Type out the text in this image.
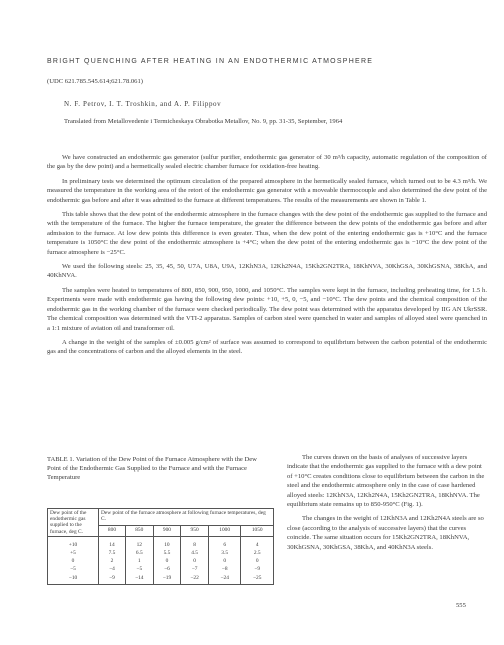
BRIGHT QUENCHING AFTER HEATING IN AN ENDOTHERMIC ATMOSPHERE
(UDC 621.785.545.614;621.78.061)
N. F. Petrov, I. T. Troshkin, and A. P. Filippov
Translated from Metallovedenie i Termicheskaya Obrabotka Metallov, No. 9, pp. 31-35, September, 1964

We have constructed an endothermic gas generator (sulfur purifier, endothermic gas generator of 30 m³/h capacity, automatic regulation of the composition of the gas by the dew point) and a hermetically sealed electric chamber furnace for oxidation-free heating.

In preliminary tests we determined the optimum circulation of the prepared atmosphere in the hermetically sealed furnace, which turned out to be 4.3 m³/h. We measured the temperature in the working area of the retort of the endothermic gas generator with a moveable thermocouple and also determined the dew point of the endothermic gas before and after it was admitted to the furnace at different temperatures. The results of the measurements are shown in Table 1.

This table shows that the dew point of the endothermic atmosphere in the furnace changes with the dew point of the endothermic gas supplied to the furnace and with the temperature of the furnace. The higher the furnace temperature, the greater the difference between the dew points of the endothermic gas before and after admission to the furnace. At low dew points this difference is even greater. Thus, when the dew point of the entering endothermic gas is +10°C and the furnace temperature is 1050°C the dew point of the endothermic atmosphere is +4°C; when the dew point of the entering endothermic gas is −10°C the dew point of the furnace atmosphere is −25°C.

We used the following steels: 25, 35, 45, 50, U7A, U8A, U9A, 12KhN3A, 12Kh2N4A, 15Kh2GN2TRA, 18KhNVA, 30KhGSA, 30KhGSNA, 38KhA, and 40KhNVA.

The samples were heated to temperatures of 800, 850, 900, 950, 1000, and 1050°C. The samples were kept in the furnace, including preheating time, for 1.5 h. Experiments were made with endothermic gas having the following dew points: +10, +5, 0, −5, and −10°C. The dew points and the chemical composition of the endothermic gas in the working chamber of the furnace were checked periodically. The dew point was determined with the apparatus developed by IIG AN UkrSSR. The chemical composition was determined with the VTI-2 apparatus. Samples of carbon steel were quenched in water and samples of alloyed steel were quenched in a 1:1 mixture of aviation oil and transformer oil.

A change in the weight of the samples of ±0.005 g/cm² of surface was assumed to correspond to equilibrium between the carbon potential of the endothermic gas and the concentrations of carbon and the alloyed elements in the steel.

TABLE 1. Variation of the Dew Point of the Furnace Atmosphere with the Dew Point of the Endothermic Gas Supplied to the Furnace and with the Furnace Temperature
Dew point of the endothermic gas supplied to the furnace, deg C.	Dew point of the furnace atmosphere at following furnace temperatures, deg C.					
	800	850	900	950	1000	1050
+10	14	12	10	8	6	4
+5	7.5	6.5	5.5	4.5	3.5	2.5
0	2	1	0	0	0	0
−5	−4	−5	−6	−7	−8	−9
−10	−9	−14	−19	−22	−24	−25

The curves drawn on the basis of analyses of successive layers indicate that the endothermic gas supplied to the furnace with a dew point of +10°C creates conditions close to equilibrium between the carbon in the steel and the endothermic atmosphere only in the case of case hardened alloyed steels: 12KhN3A, 12Kh2N4A, 15Kh2GN2TRA, 18KhNVA. The equilibrium state remains up to 850-950°C (Fig. 1).

The changes in the weight of 12KhN3A and 12Kh2N4A steels are so close (according to the analysis of successive layers) that the curves coincide. The same situation occurs for 15Kh2GN2TRA, 18KhNVA, 30KhGSNA, 30KhGSA, 38KhA, and 40KhN3A steels.

555
